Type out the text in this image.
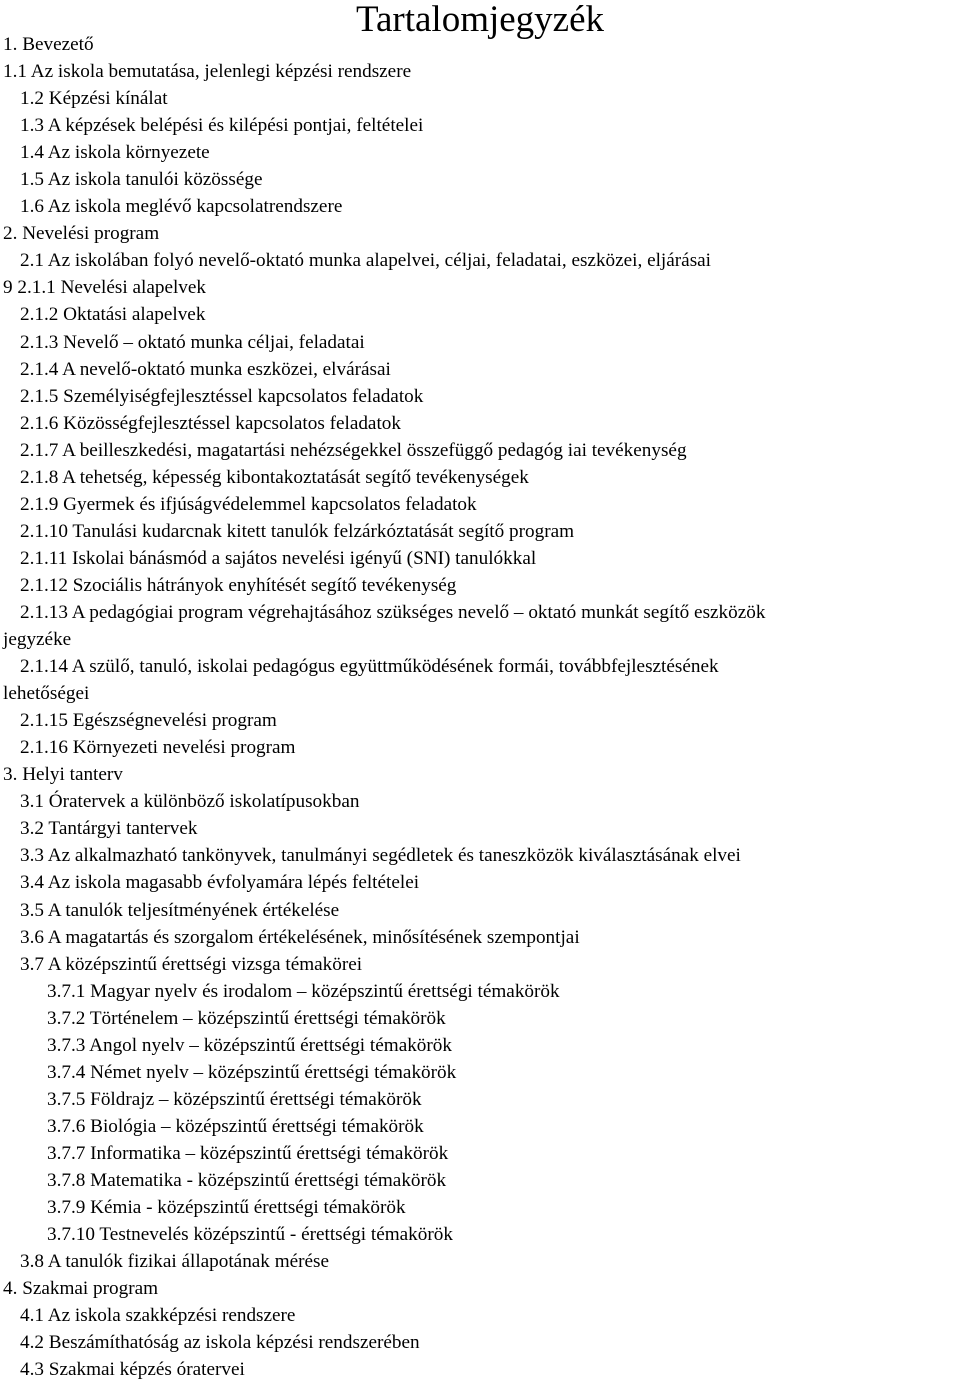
Tartalomjegyzék
1. Bevezető
1.1 Az iskola bemutatása, jelenlegi képzési rendszere
1.2 Képzési kínálat
1.3 A képzések belépési és kilépési pontjai, feltételei
1.4 Az iskola környezete
1.5 Az iskola tanulói közössége
1.6 Az iskola meglévő kapcsolatrendszere
2. Nevelési program
2.1 Az iskolában folyó nevelő-oktató munka alapelvei, céljai, feladatai, eszközei, eljárásai
9 2.1.1 Nevelési alapelvek
2.1.2 Oktatási alapelvek
2.1.3 Nevelő – oktató munka céljai, feladatai
2.1.4 A nevelő-oktató munka eszközei, elvárásai
2.1.5 Személyiségfejlesztéssel kapcsolatos feladatok
2.1.6 Közösségfejlesztéssel kapcsolatos feladatok
2.1.7 A beilleszkedési, magatartási nehézségekkel összefüggő pedagóg iai tevékenység
2.1.8 A tehetség, képesség kibontakoztatását segítő tevékenységek
2.1.9 Gyermek és ifjúságvédelemmel kapcsolatos feladatok
2.1.10 Tanulási kudarcnak kitett tanulók felzárkóztatását segítő program
2.1.11 Iskolai bánásmód a sajátos nevelési igényű (SNI) tanulókkal
2.1.12 Szociális hátrányok enyhítését segítő tevékenység
2.1.13 A pedagógiai program végrehajtásához szükséges nevelő – oktató munkát segítő eszközök
jegyzéke
2.1.14 A szülő, tanuló, iskolai pedagógus együttműködésének formái, továbbfejlesztésének
lehetőségei
2.1.15 Egészségnevelési program
2.1.16 Környezeti nevelési program
3. Helyi tanterv
3.1 Óratervek a különböző iskolatípusokban
3.2 Tantárgyi tantervek
3.3 Az alkalmazható tankönyvek, tanulmányi segédletek és taneszközök kiválasztásának elvei
3.4 Az iskola magasabb évfolyamára lépés feltételei
3.5 A tanulók teljesítményének értékelése
3.6 A magatartás és szorgalom értékelésének, minősítésének szempontjai
3.7 A középszintű érettségi vizsga témakörei
3.7.1 Magyar nyelv és irodalom – középszintű érettségi témakörök
3.7.2 Történelem – középszintű érettségi témakörök
3.7.3 Angol nyelv – középszintű érettségi témakörök
3.7.4 Német nyelv – középszintű érettségi témakörök
3.7.5 Földrajz – középszintű érettségi témakörök
3.7.6 Biológia – középszintű érettségi témakörök
3.7.7 Informatika – középszintű érettségi témakörök
3.7.8 Matematika - középszintű érettségi témakörök
3.7.9 Kémia - középszintű érettségi témakörök
3.7.10 Testnevelés középszintű - érettségi témakörök
3.8 A tanulók fizikai állapotának mérése
4. Szakmai program
4.1 Az iskola szakképzési rendszere
4.2 Beszámíthatóság az iskola képzési rendszerében
4.3 Szakmai képzés óratervei
